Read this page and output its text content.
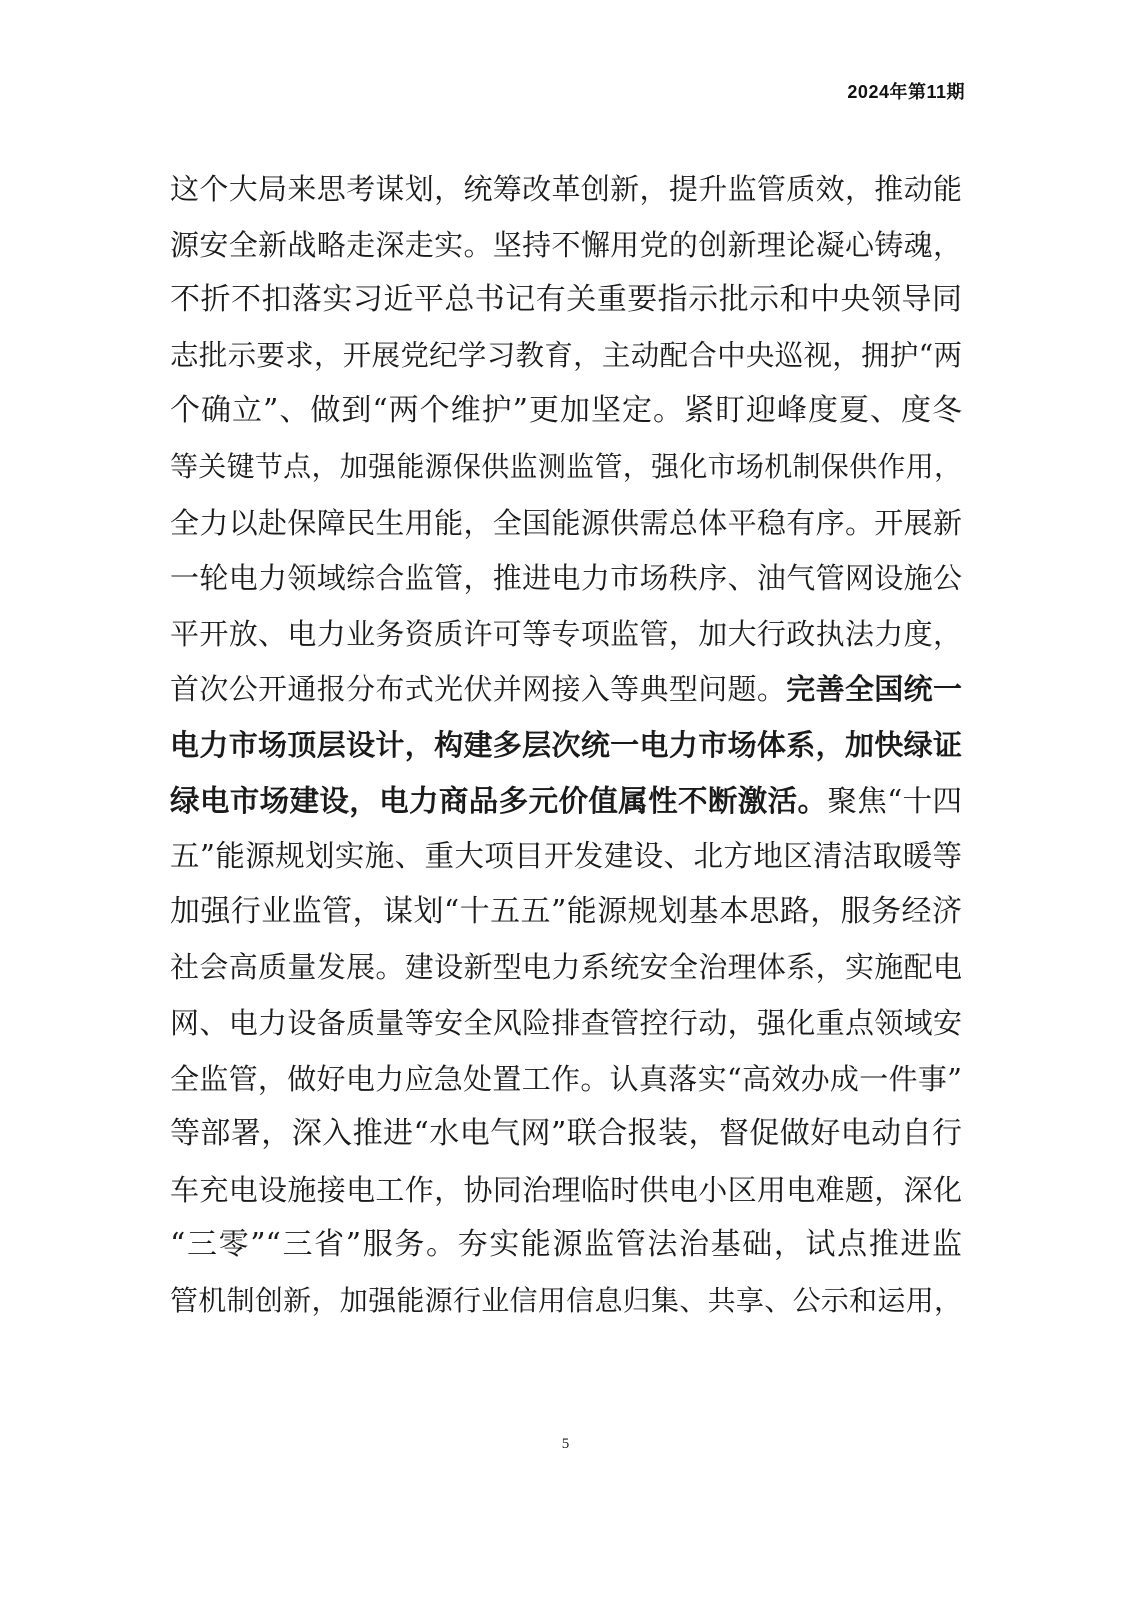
2024年第11期
这个大局来思考谋划，统筹改革创新，提升监管质效，推动能
源安全新战略走深走实。坚持不懈用党的创新理论凝心铸魂，
不折不扣落实习近平总书记有关重要指示批示和中央领导同
志批示要求，开展党纪学习教育，主动配合中央巡视，拥护“两
个确立”、做到“两个维护”更加坚定。紧盯迎峰度夏、度冬
等关键节点，加强能源保供监测监管，强化市场机制保供作用，
全力以赴保障民生用能，全国能源供需总体平稳有序。开展新
一轮电力领域综合监管，推进电力市场秩序、油气管网设施公
平开放、电力业务资质许可等专项监管，加大行政执法力度，
首次公开通报分布式光伏并网接入等典型问题。完善全国统一
电力市场顶层设计，构建多层次统一电力市场体系，加快绿证
绿电市场建设，电力商品多元价值属性不断激活。聚焦“十四
五”能源规划实施、重大项目开发建设、北方地区清洁取暖等
加强行业监管，谋划“十五五”能源规划基本思路，服务经济
社会高质量发展。建设新型电力系统安全治理体系，实施配电
网、电力设备质量等安全风险排查管控行动，强化重点领域安
全监管，做好电力应急处置工作。认真落实“高效办成一件事”
等部署，深入推进“水电气网”联合报装，督促做好电动自行
车充电设施接电工作，协同治理临时供电小区用电难题，深化
“三零”“三省”服务。夯实能源监管法治基础，试点推进监
管机制创新，加强能源行业信用信息归集、共享、公示和运用，
5
